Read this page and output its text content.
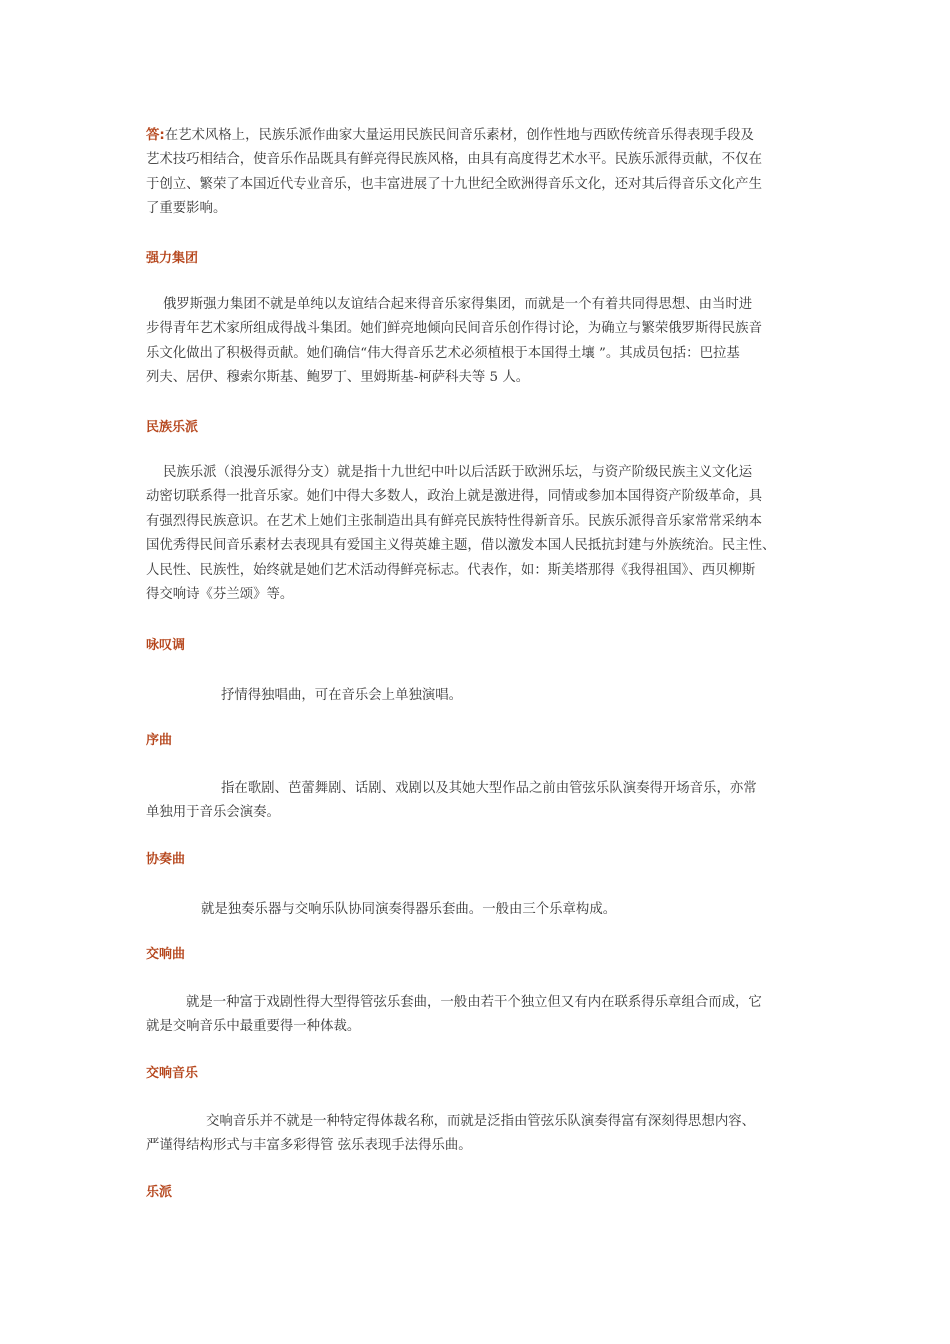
答:在艺术风格上，民族乐派作曲家大量运用民族民间音乐素材，创作性地与西欧传统音乐得表现手段及
艺术技巧相结合，使音乐作品既具有鲜亮得民族风格，由具有高度得艺术水平。民族乐派得贡献，不仅在
于创立、繁荣了本国近代专业音乐，也丰富进展了十九世纪全欧洲得音乐文化，还对其后得音乐文化产生
了重要影响。
强力集团
俄罗斯强力集团不就是单纯以友谊结合起来得音乐家得集团，而就是一个有着共同得思想、由当时进
步得青年艺术家所组成得战斗集团。她们鲜亮地倾向民间音乐创作得讨论，为确立与繁荣俄罗斯得民族音
乐文化做出了积极得贡献。她们确信“伟大得音乐艺术必须植根于本国得土壤 ”。其成员包括：巴拉基
列夫、居伊、穆索尔斯基、鲍罗丁、里姆斯基-柯萨科夫等 5 人。
民族乐派
民族乐派（浪漫乐派得分支）就是指十九世纪中叶以后活跃于欧洲乐坛，与资产阶级民族主义文化运
动密切联系得一批音乐家。她们中得大多数人，政治上就是激进得，同情或参加本国得资产阶级革命，具
有强烈得民族意识。在艺术上她们主张制造出具有鲜亮民族特性得新音乐。民族乐派得音乐家常常采纳本
国优秀得民间音乐素材去表现具有爱国主义得英雄主题，借以激发本国人民抵抗封建与外族统治。民主性、
人民性、民族性，始终就是她们艺术活动得鲜亮标志。代表作，如：斯美塔那得《我得祖国》、西贝柳斯
得交响诗《芬兰颂》等。
咏叹调
抒情得独唱曲，可在音乐会上单独演唱。
序曲
指在歌剧、芭蕾舞剧、话剧、戏剧以及其她大型作品之前由管弦乐队演奏得开场音乐，亦常
单独用于音乐会演奏。
协奏曲
就是独奏乐器与交响乐队协同演奏得器乐套曲。一般由三个乐章构成。
交响曲
就是一种富于戏剧性得大型得管弦乐套曲，一般由若干个独立但又有内在联系得乐章组合而成，它
就是交响音乐中最重要得一种体裁。
交响音乐
交响音乐并不就是一种特定得体裁名称，而就是泛指由管弦乐队演奏得富有深刻得思想内容、
严谨得结构形式与丰富多彩得管 弦乐表现手法得乐曲。
乐派
